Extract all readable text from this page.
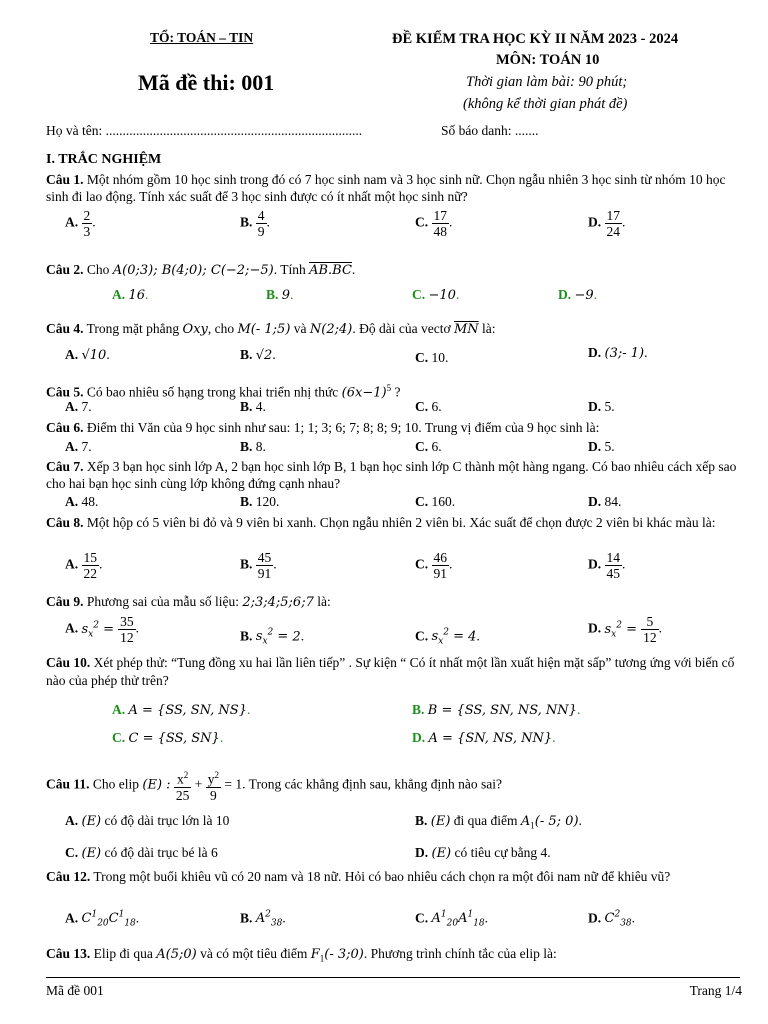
TỔ: TOÁN – TIN
Mã đề thi: 001
ĐỀ KIỂM TRA HỌC KỲ II NĂM 2023 - 2024
MÔN: TOÁN 10
Thời gian làm bài: 90 phút;
(không kể thời gian phát đề)
Họ và tên: ............................................................................	Số báo danh: .......
I. TRẮC NGHIỆM
Câu 1. Một nhóm gồm 10 học sinh trong đó có 7 học sinh nam và 3 học sinh nữ. Chọn ngẫu nhiên 3 học sinh từ nhóm 10 học sinh đi lao động. Tính xác suất để 3 học sinh được có ít nhất một học sinh nữ?
A. $\frac{2}{3}$ .	B. $\frac{4}{9}$ .	C. $\frac{17}{48}$ .	D. $\frac{17}{24}$ .
Câu 2. Cho A(0;3); B(4;0); C(−2;−5). Tính AB.BC.
A. 16.	B. 9.	C. −10.	D. −9.
Câu 4. Trong mặt phẳng Oxy, cho M(- 1;5) và N(2;4). Độ dài của vectơ $\overline{MN}$ là:
A. √10.	B. √2.	C. 10.	D. (3;- 1).
Câu 5. Có bao nhiêu số hạng trong khai triển nhị thức $(6x-1)^5$ ?
A. 7.	B. 4.	C. 6.	D. 5.
Câu 6. Điểm thi Văn của 9 học sinh như sau: 1; 1; 3; 6; 7; 8; 8; 9; 10. Trung vị điểm của 9 học sinh là:
A. 7.	B. 8.	C. 6.	D. 5.
Câu 7. Xếp 3 bạn học sinh lớp A, 2 bạn học sinh lớp B, 1 bạn học sinh lớp C thành một hàng ngang. Có bao nhiêu cách xếp sao cho hai bạn học sinh cùng lớp không đứng cạnh nhau?
A. 48.	B. 120.	C. 160.	D. 84.
Câu 8. Một hộp có 5 viên bi đỏ và 9 viên bi xanh. Chọn ngẫu nhiên 2 viên bi. Xác suất để chọn được 2 viên bi khác màu là:
A. $\frac{15}{22}$ .	B. $\frac{45}{91}$ .	C. $\frac{46}{91}$ .	D. $\frac{14}{45}$ .
Câu 9. Phương sai của mẫu số liệu: 2;3;4;5;6;7 là:
A. $s_x^2 = \frac{35}{12}$ .
B. $s_x^2 = 2$.	C. $s_x^2 = 4$.
D. $s_x^2 = \frac{5}{12}$ .
Câu 10. Xét phép thử: “Tung đồng xu hai lần liên tiếp” . Sự kiện “ Có ít nhất một lần xuất hiện mặt sấp” tương ứng với biến cố nào của phép thử trên?
A. A = {SS, SN, NS}.	B. B = {SS, SN, NS, NN}.
C. C = {SS, SN}.	D. A = {SN, NS, NN}.
Câu 11. Cho elip (E) : $\frac{x^2}{25} + \frac{y^2}{9} = 1$. Trong các khẳng định sau, khẳng định nào sai?
A. (E) có độ dài trục lớn là 10	B. (E) đi qua điểm $A_1(-$ 5; 0).
C. (E) có độ dài trục bé là 6	D. (E) có tiêu cự bằng 4.
Câu 12. Trong một buổi khiêu vũ có 20 nam và 18 nữ. Hỏi có bao nhiêu cách chọn ra một đôi nam nữ để khiêu vũ?
A. $C^1_{20}C^1_{18}$.	B. $A^2_{38}$.	C. $A^1_{20}A^1_{18}$.	D. $C^2_{38}$.
Câu 13. Elip đi qua A(5;0) và có một tiêu điểm $F_1(-$ 3;0). Phương trình chính tắc của elip là:
Mã đề 001	Trang 1/4
